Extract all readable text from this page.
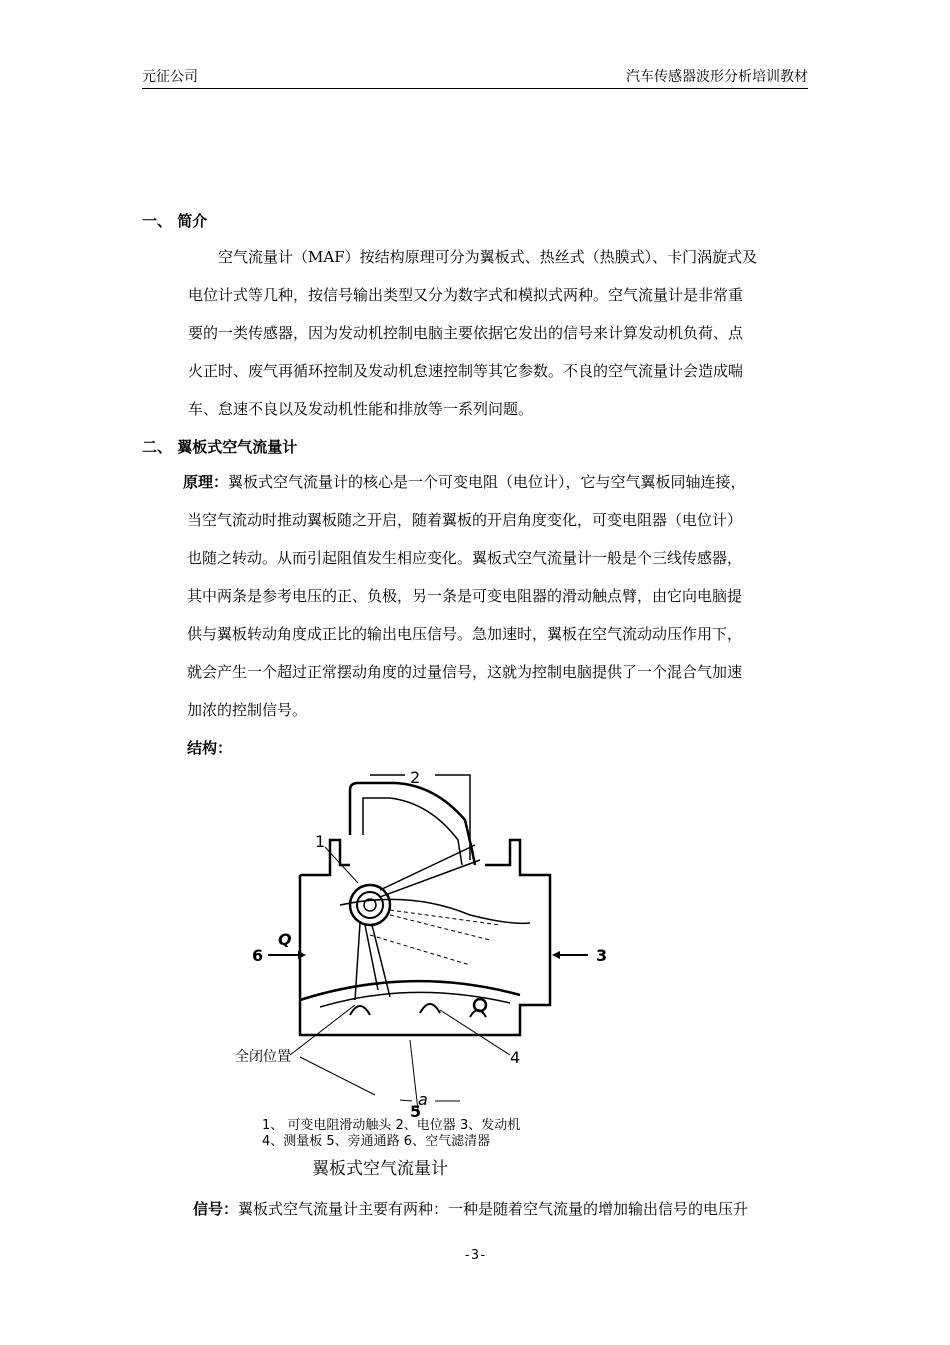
元征公司	汽车传感器波形分析培训教材
一、 简介

空气流量计（MAF）按结构原理可分为翼板式、热丝式（热膜式）、卡门涡旋式及

电位计式等几种，按信号输出类型又分为数字式和模拟式两种。空气流量计是非常重

要的一类传感器，因为发动机控制电脑主要依据它发出的信号来计算发动机负荷、点

火正时、废气再循环控制及发动机怠速控制等其它参数。不良的空气流量计会造成喘

车、怠速不良以及发动机性能和排放等一系列问题。

二、 翼板式空气流量计

原理：翼板式空气流量计的核心是一个可变电阻（电位计），它与空气翼板同轴连接，

当空气流动时推动翼板随之开启，随着翼板的开启角度变化，可变电阻器（电位计）

也随之转动。从而引起阻值发生相应变化。翼板式空气流量计一般是个三线传感器，

其中两条是参考电压的正、负极，另一条是可变电阻器的滑动触点臂，由它向电脑提

供与翼板转动角度成正比的输出电压信号。急加速时，翼板在空气流动动压作用下，

就会产生一个超过正常摆动角度的过量信号，这就为控制电脑提供了一个混合气加速

加浓的控制信号。

结构：
2
1
6
Q
3
4
5
a
全闭位置

1、 可变电阻滑动触头 2、电位器 3、发动机

4、测量板 5、旁通通路 6、空气滤清器

翼板式空气流量计

信号：翼板式空气流量计主要有两种：一种是随着空气流量的增加输出信号的电压升

-3-
